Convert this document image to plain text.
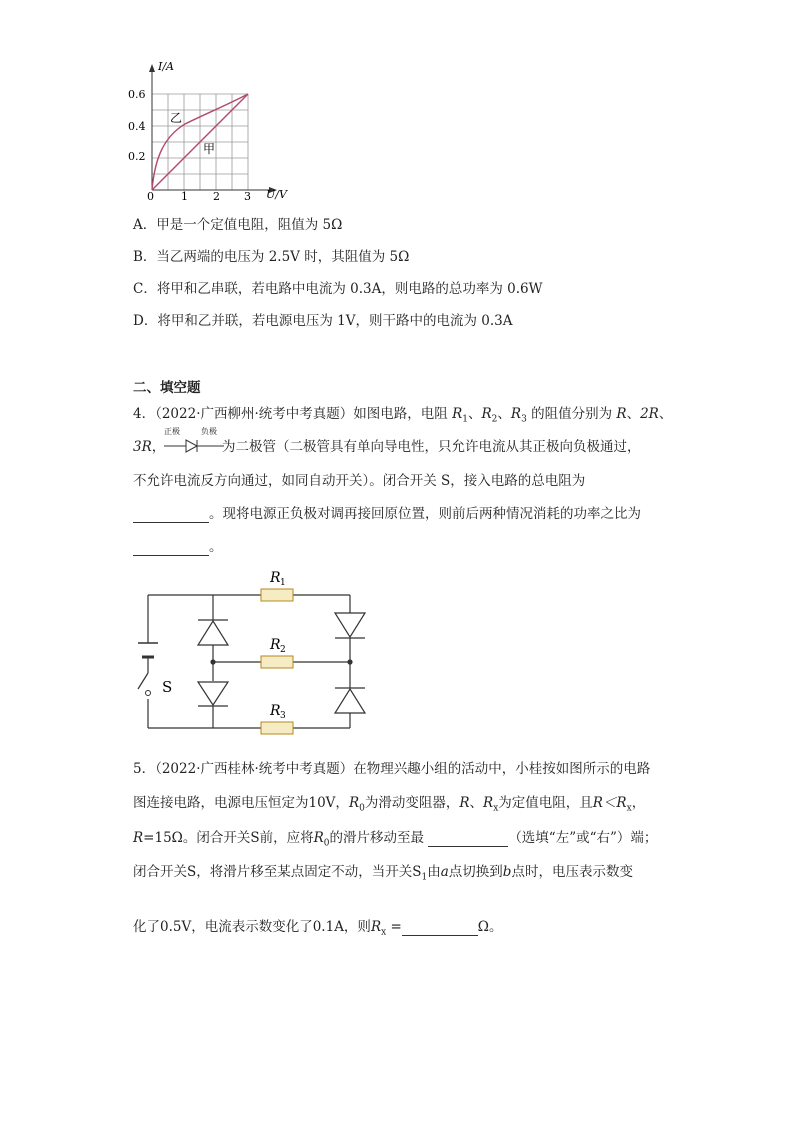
I/A
U/V
0.6
0.4
0.2
0 1 2 3
乙
甲
A．甲是一个定值电阻，阻值为 5Ω
B．当乙两端的电压为 2.5V 时，其阻值为 5Ω
C．将甲和乙串联，若电路中电流为 0.3A，则电路的总功率为 0.6W
D．将甲和乙并联，若电源电压为 1V，则干路中的电流为 0.3A
二、填空题
4．（2022·广西柳州·统考中考真题）如图电路，电阻 $R_1$、$R_2$、$R_3$ 的阻值分别为 R、2R、
3R，
正极	负极
为二极管（二极管具有单向导电性，只允许电流从其正极向负极通过，
不允许电流反方向通过，如同自动开关）。闭合开关 S，接入电路的总电阻为
。现将电源正负极对调再接回原位置，则前后两种情况消耗的功率之比为
。
S
R 1
R 2
R 3
5．（2022·广西桂林·统考中考真题）在物理兴趣小组的活动中，小桂按如图所示的电路
图连接电路，电源电压恒定为10V，$R_0$为滑动变阻器，R、$R_x$为定值电阻，且$R<R_x$，
R=15Ω。闭合开关S前，应将$R_0$的滑片移动至最	（选填“左”或“右”）端；
闭合开关S，将滑片移至某点固定不动，当开关$S_1$由a点切换到b点时，电压表示数变
化了0.5V，电流表示数变化了0.1A，则$R_x$ =	Ω。
